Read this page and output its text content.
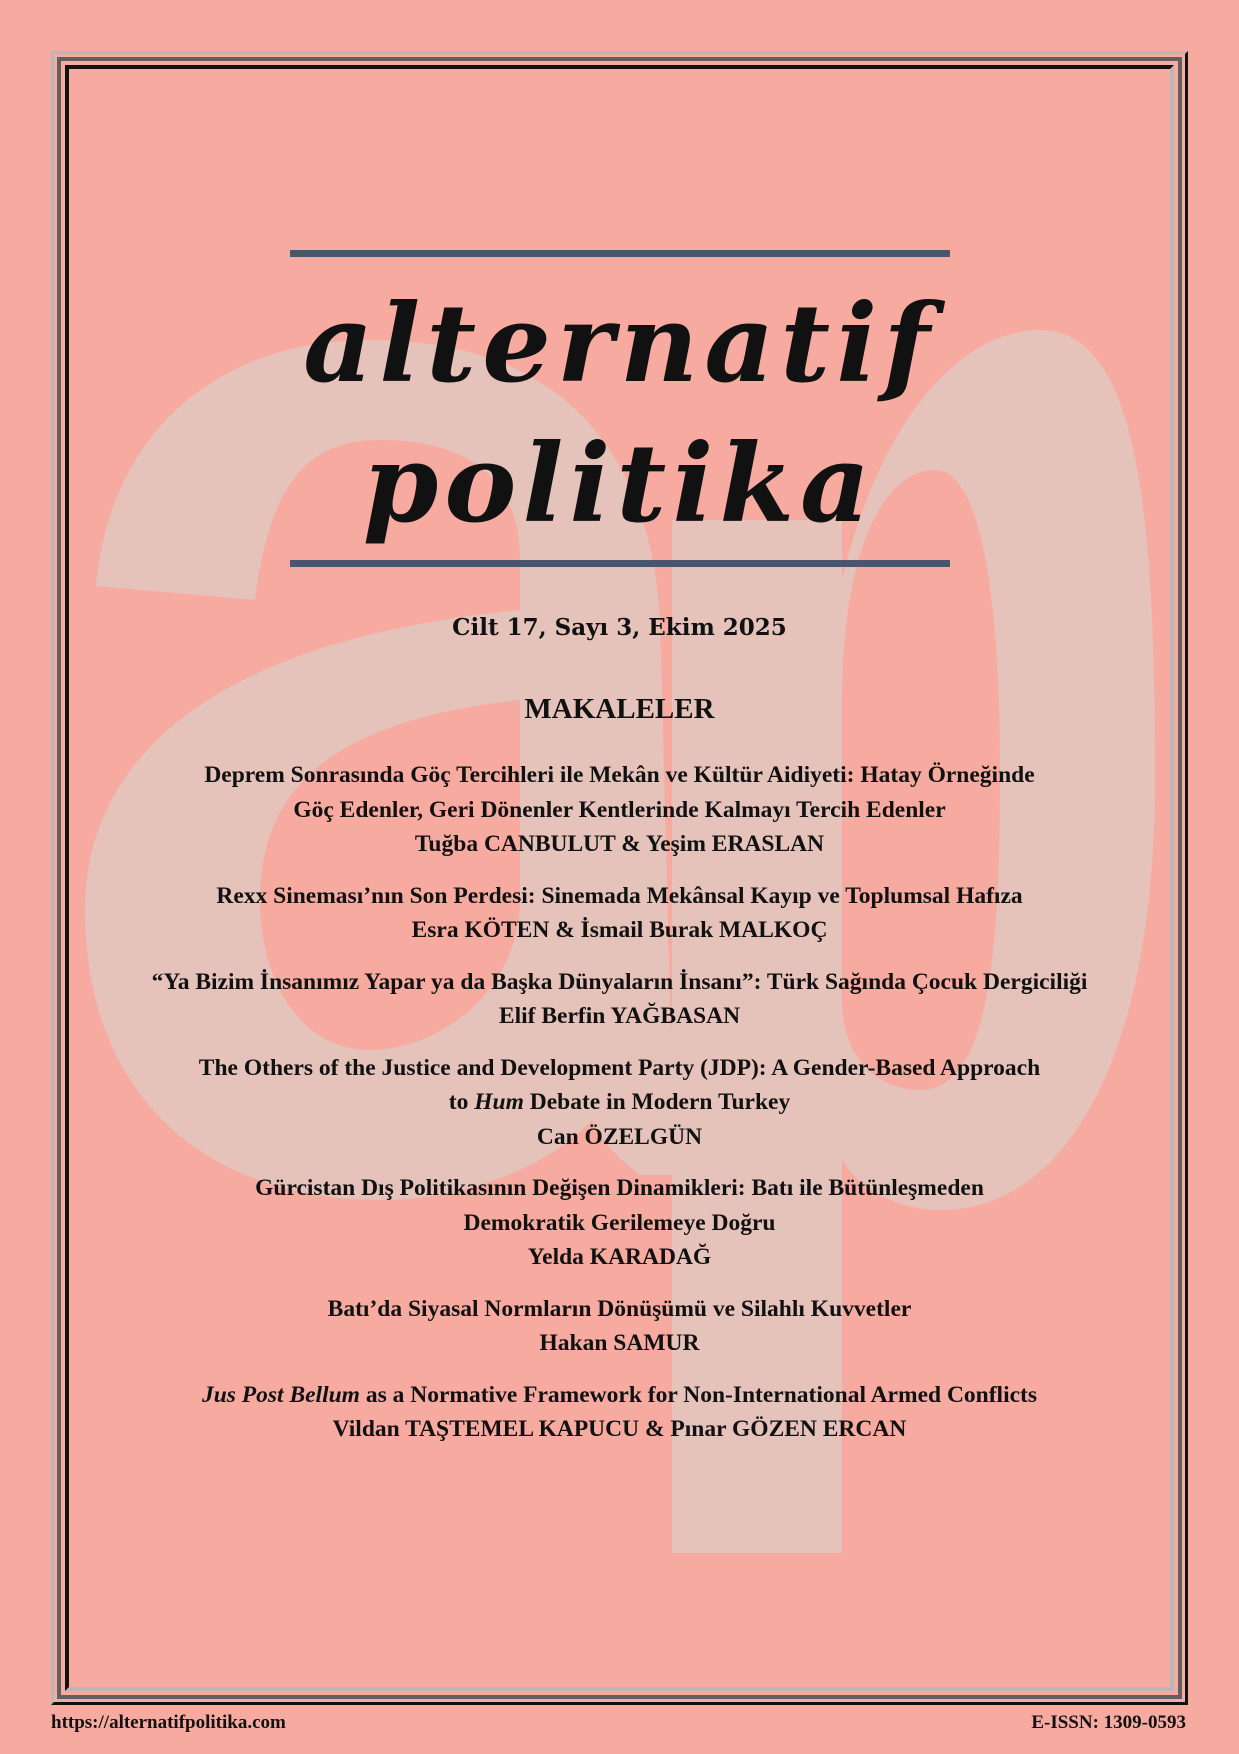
alternatif
politika
Cilt 17, Sayı 3, Ekim 2025
MAKALELER
Deprem Sonrasında Göç Tercihleri ile Mekân ve Kültür Aidiyeti: Hatay Örneğinde
Göç Edenler, Geri Dönenler Kentlerinde Kalmayı Tercih Edenler
Tuğba CANBULUT & Yeşim ERASLAN
Rexx Sineması’nın Son Perdesi: Sinemada Mekânsal Kayıp ve Toplumsal Hafıza
Esra KÖTEN & İsmail Burak MALKOÇ
“Ya Bizim İnsanımız Yapar ya da Başka Dünyaların İnsanı”: Türk Sağında Çocuk Dergiciliği
Elif Berfin YAĞBASAN
The Others of the Justice and Development Party (JDP): A Gender-Based Approach
to Hum Debate in Modern Turkey
Can ÖZELGÜN
Gürcistan Dış Politikasının Değişen Dinamikleri: Batı ile Bütünleşmeden
Demokratik Gerilemeye Doğru
Yelda KARADAĞ
Batı’da Siyasal Normların Dönüşümü ve Silahlı Kuvvetler
Hakan SAMUR
Jus Post Bellum as a Normative Framework for Non-International Armed Conflicts
Vildan TAŞTEMEL KAPUCU & Pınar GÖZEN ERCAN
https://alternatifpolitika.com	E-ISSN: 1309-0593
